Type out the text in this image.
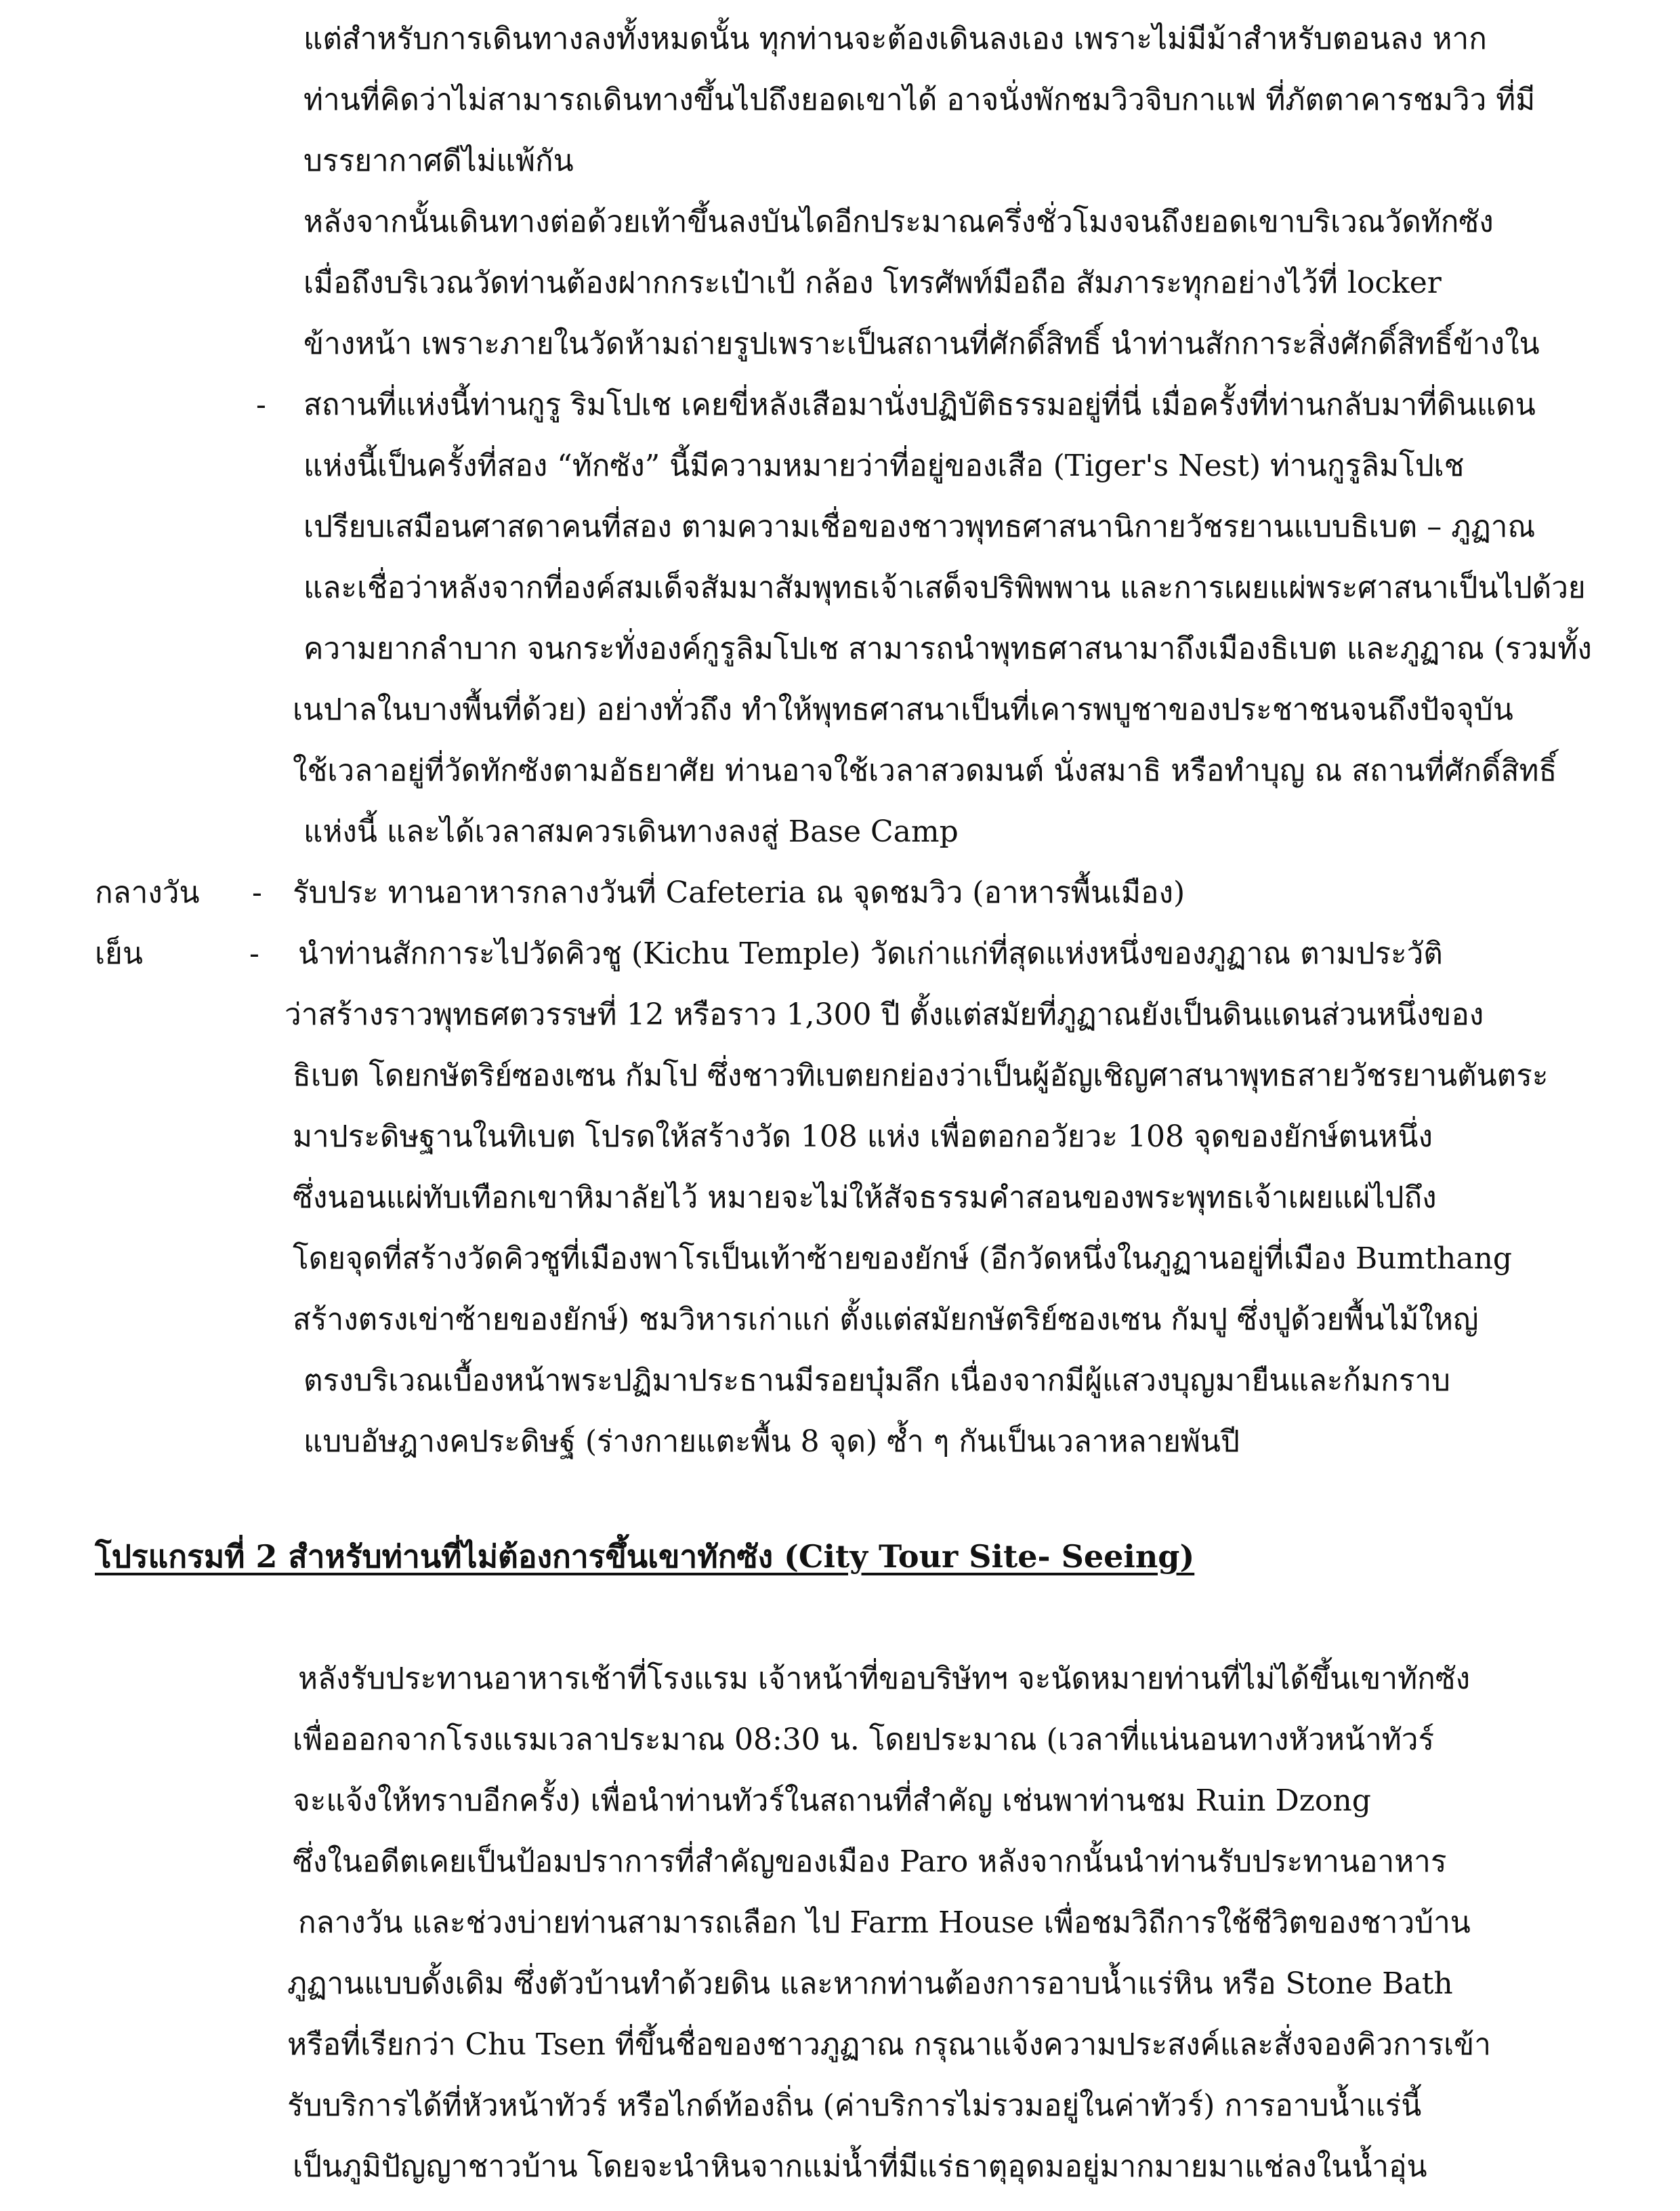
แต่สำหรับการเดินทางลงทั้งหมดนั้น ทุกท่านจะต้องเดินลงเอง เพราะไม่มีม้าสำหรับตอนลง หาก

ท่านที่คิดว่าไม่สามารถเดินทางขึ้นไปถึงยอดเขาได้ อาจนั่งพักชมวิวจิบกาแฟ ที่ภัตตาคารชมวิว ที่มี

บรรยากาศดีไม่แพ้กัน

หลังจากนั้นเดินทางต่อด้วยเท้าขึ้นลงบันไดอีกประมาณครึ่งชั่วโมงจนถึงยอดเขาบริเวณวัดทักซัง

เมื่อถึงบริเวณวัดท่านต้องฝากกระเป๋าเป้ กล้อง โทรศัพท์มือถือ สัมภาระทุกอย่างไว้ที่ locker

ข้างหน้า เพราะภายในวัดห้ามถ่ายรูปเพราะเป็นสถานที่ศักดิ์สิทธิ์ นำท่านสักการะสิ่งศักดิ์สิทธิ์ข้างใน

- สถานที่แห่งนี้ท่านกูรู ริมโปเช เคยขี่หลังเสือมานั่งปฏิบัติธรรมอยู่ที่นี่ เมื่อครั้งที่ท่านกลับมาที่ดินแดน

แห่งนี้เป็นครั้งที่สอง “ทักซัง” นี้มีความหมายว่าที่อยู่ของเสือ (Tiger's Nest) ท่านกูรูลิมโปเช

เปรียบเสมือนศาสดาคนที่สอง ตามความเชื่อของชาวพุทธศาสนานิกายวัชรยานแบบธิเบต – ภูฏาณ

และเชื่อว่าหลังจากที่องค์สมเด็จสัมมาสัมพุทธเจ้าเสด็จปริพิพพาน และการเผยแผ่พระศาสนาเป็นไปด้วย

ความยากลำบาก จนกระทั่งองค์กูรูลิมโปเช สามารถนำพุทธศาสนามาถึงเมืองธิเบต และภูฏาณ (รวมทั้ง

เนปาลในบางพื้นที่ด้วย) อย่างทั่วถึง ทำให้พุทธศาสนาเป็นที่เคารพบูชาของประชาชนจนถึงปัจจุบัน

ใช้เวลาอยู่ที่วัดทักซังตามอัธยาศัย ท่านอาจใช้เวลาสวดมนต์ นั่งสมาธิ หรือทำบุญ ณ สถานที่ศักดิ์สิทธิ์

แห่งนี้ และได้เวลาสมควรเดินทางลงสู่ Base Camp

กลางวัน - รับประ ทานอาหารกลางวันที่ Cafeteria ณ จุดชมวิว (อาหารพื้นเมือง)

เย็น	- นำท่านสักการะไปวัดคิวชู (Kichu Temple) วัดเก่าแก่ที่สุดแห่งหนึ่งของภูฏาณ ตามประวัติ

ว่าสร้างราวพุทธศตวรรษที่ 12 หรือราว 1,300 ปี ตั้งแต่สมัยที่ภูฏาณยังเป็นดินแดนส่วนหนึ่งของ

ธิเบต โดยกษัตริย์ซองเซน กัมโป ซึ่งชาวทิเบตยกย่องว่าเป็นผู้อัญเชิญศาสนาพุทธสายวัชรยานตันตระ

มาประดิษฐานในทิเบต โปรดให้สร้างวัด 108 แห่ง เพื่อตอกอวัยวะ 108 จุดของยักษ์ตนหนึ่ง

ซึ่งนอนแผ่ทับเทือกเขาหิมาลัยไว้ หมายจะไม่ให้สัจธรรมคำสอนของพระพุทธเจ้าเผยแผ่ไปถึง

โดยจุดที่สร้างวัดคิวชูที่เมืองพาโรเป็นเท้าซ้ายของยักษ์ (อีกวัดหนึ่งในภูฏานอยู่ที่เมือง Bumthang

สร้างตรงเข่าซ้ายของยักษ์) ชมวิหารเก่าแก่ ตั้งแต่สมัยกษัตริย์ซองเซน กัมปู ซึ่งปูด้วยพื้นไม้ใหญ่

ตรงบริเวณเบื้องหน้าพระปฏิมาประธานมีรอยบุ๋มลึก เนื่องจากมีผู้แสวงบุญมายืนและก้มกราบ

แบบอัษฎางคประดิษฐ์ (ร่างกายแตะพื้น 8 จุด) ซ้ำ ๆ กันเป็นเวลาหลายพันปี

โปรแกรมที่ 2 สำหรับท่านที่ไม่ต้องการขึ้นเขาทักซัง (City Tour Site- Seeing)

หลังรับประทานอาหารเช้าที่โรงแรม เจ้าหน้าที่ขอบริษัทฯ จะนัดหมายท่านที่ไม่ได้ขึ้นเขาทักซัง

เพื่อออกจากโรงแรมเวลาประมาณ 08:30 น. โดยประมาณ (เวลาที่แน่นอนทางหัวหน้าทัวร์

จะแจ้งให้ทราบอีกครั้ง) เพื่อนำท่านทัวร์ในสถานที่สำคัญ เช่นพาท่านชม Ruin Dzong

ซึ่งในอดีตเคยเป็นป้อมปราการที่สำคัญของเมือง Paro หลังจากนั้นนำท่านรับประทานอาหาร

กลางวัน และช่วงบ่ายท่านสามารถเลือก ไป Farm House เพื่อชมวิถีการใช้ชีวิตของชาวบ้าน

ภูฏานแบบดั้งเดิม ซึ่งตัวบ้านทำด้วยดิน และหากท่านต้องการอาบน้ำแร่หิน หรือ Stone Bath

หรือที่เรียกว่า Chu Tsen ที่ขึ้นชื่อของชาวภูฏาณ กรุณาแจ้งความประสงค์และสั่งจองคิวการเข้า

รับบริการได้ที่หัวหน้าทัวร์ หรือไกด์ท้องถิ่น (ค่าบริการไม่รวมอยู่ในค่าทัวร์) การอาบน้ำแร่นี้

เป็นภูมิปัญญาชาวบ้าน โดยจะนำหินจากแม่น้ำที่มีแร่ธาตุอุดมอยู่มากมายมาแช่ลงในน้ำอุ่น
